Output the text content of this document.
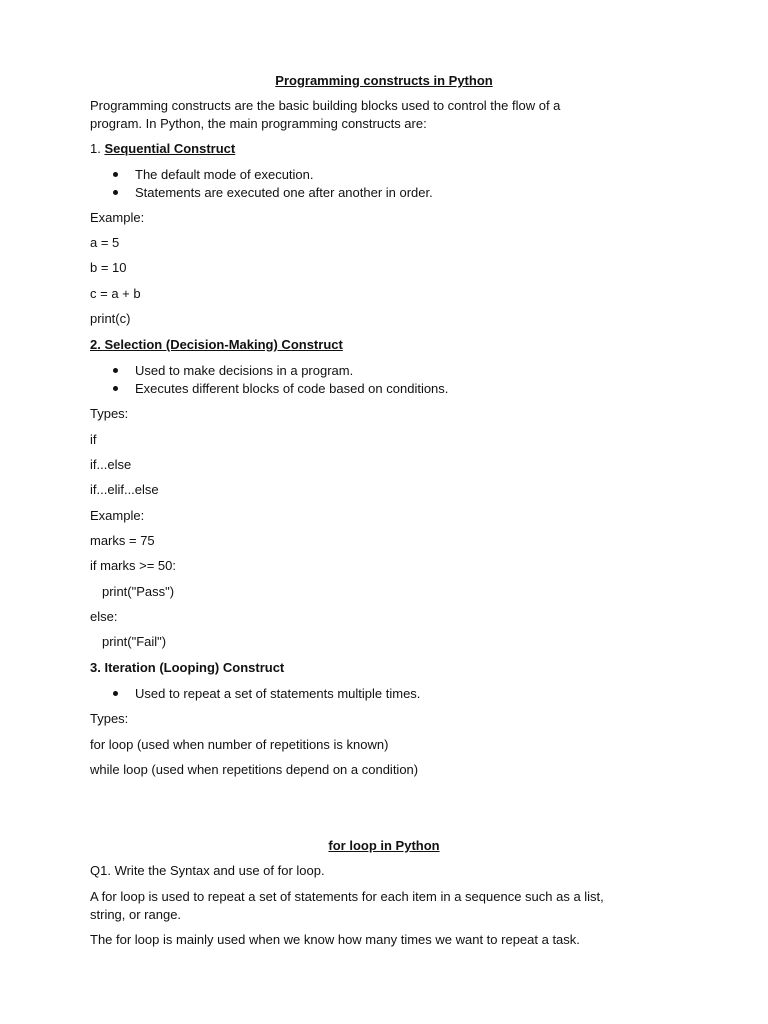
Programming constructs in Python

Programming constructs are the basic building blocks used to control the flow of a

program. In Python, the main programming constructs are:

1. Sequential Construct

The default mode of execution.
Statements are executed one after another in order.

Example:

a = 5

b = 10

c = a + b

print(c)

2. Selection (Decision-Making) Construct

Used to make decisions in a program.
Executes different blocks of code based on conditions.

Types:

if

if...else

if...elif...else

Example:

marks = 75

if marks >= 50:

print("Pass")

else:

print("Fail")

3. Iteration (Looping) Construct

Used to repeat a set of statements multiple times.

Types:

for loop (used when number of repetitions is known)

while loop (used when repetitions depend on a condition)

for loop in Python

Q1. Write the Syntax and use of for loop.

A for loop is used to repeat a set of statements for each item in a sequence such as a list,

string, or range.

The for loop is mainly used when we know how many times we want to repeat a task.
